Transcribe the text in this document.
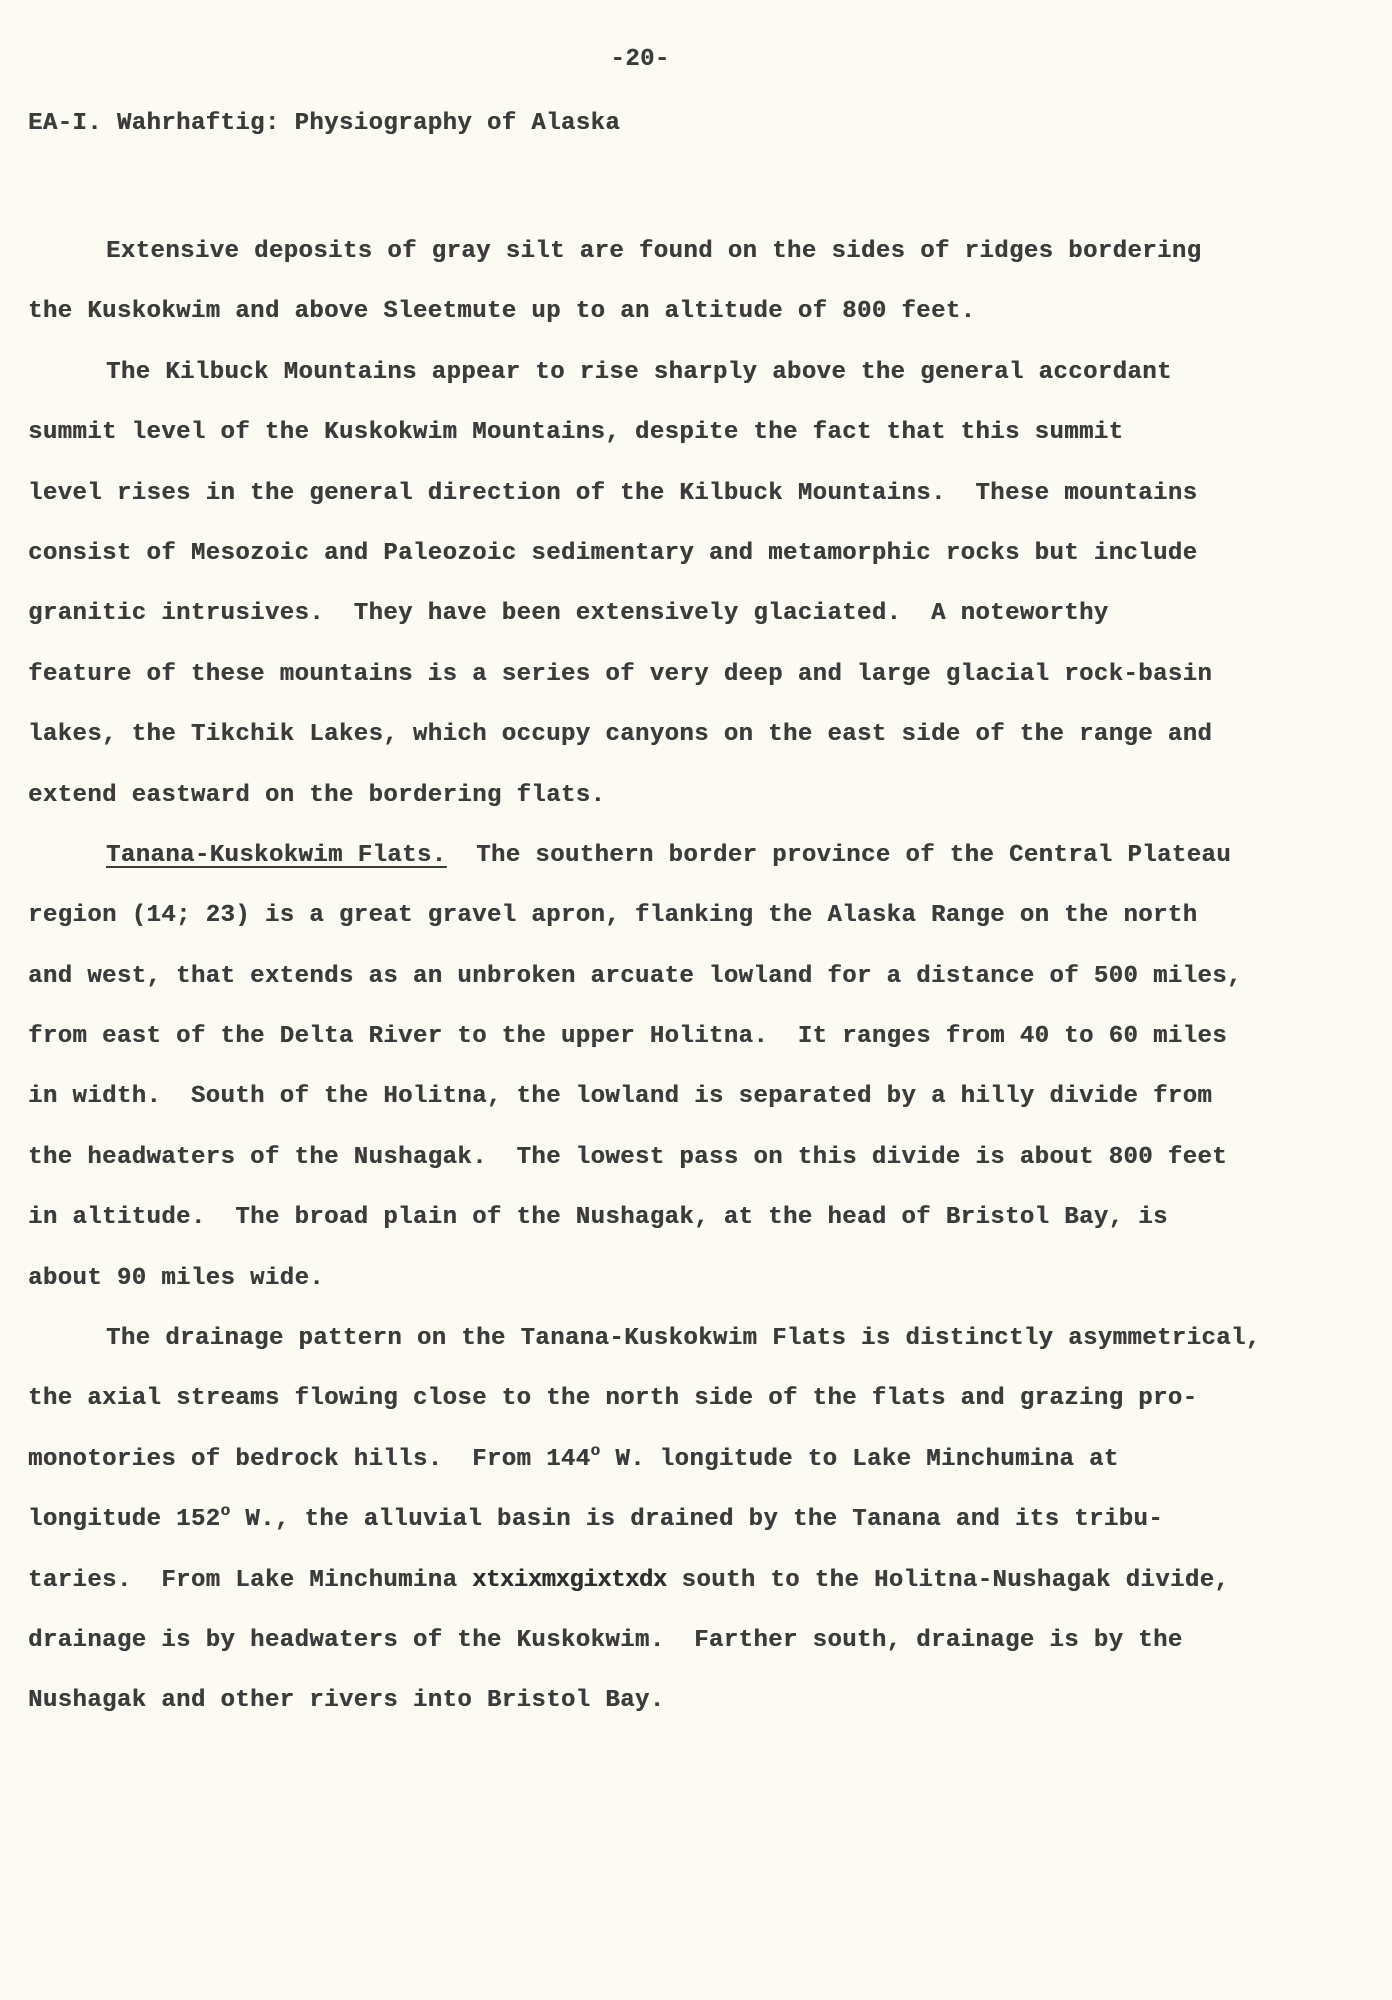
-20-
EA-I. Wahrhaftig: Physiography of Alaska
Extensive deposits of gray silt are found on the sides of ridges bordering
the Kuskokwim and above Sleetmute up to an altitude of 800 feet.
The Kilbuck Mountains appear to rise sharply above the general accordant
summit level of the Kuskokwim Mountains, despite the fact that this summit
level rises in the general direction of the Kilbuck Mountains.  These mountains
consist of Mesozoic and Paleozoic sedimentary and metamorphic rocks but include
granitic intrusives.  They have been extensively glaciated.  A noteworthy
feature of these mountains is a series of very deep and large glacial rock-basin
lakes, the Tikchik Lakes, which occupy canyons on the east side of the range and
extend eastward on the bordering flats.
Tanana-Kuskokwim Flats.  The southern border province of the Central Plateau
region (14; 23) is a great gravel apron, flanking the Alaska Range on the north
and west, that extends as an unbroken arcuate lowland for a distance of 500 miles,
from east of the Delta River to the upper Holitna.  It ranges from 40 to 60 miles
in width.  South of the Holitna, the lowland is separated by a hilly divide from
the headwaters of the Nushagak.  The lowest pass on this divide is about 800 feet
in altitude.  The broad plain of the Nushagak, at the head of Bristol Bay, is
about 90 miles wide.
The drainage pattern on the Tanana-Kuskokwim Flats is distinctly asymmetrical,
the axial streams flowing close to the north side of the flats and grazing pro-
monotories of bedrock hills.  From 144$^o$ W. longitude to Lake Minchumina at
longitude 152$^o$ W., the alluvial basin is drained by the Tanana and its tribu-
taries.  From Lake Minchumina xtxixmxgixtxdx south to the Holitna-Nushagak divide,
drainage is by headwaters of the Kuskokwim.  Farther south, drainage is by the
Nushagak and other rivers into Bristol Bay.
